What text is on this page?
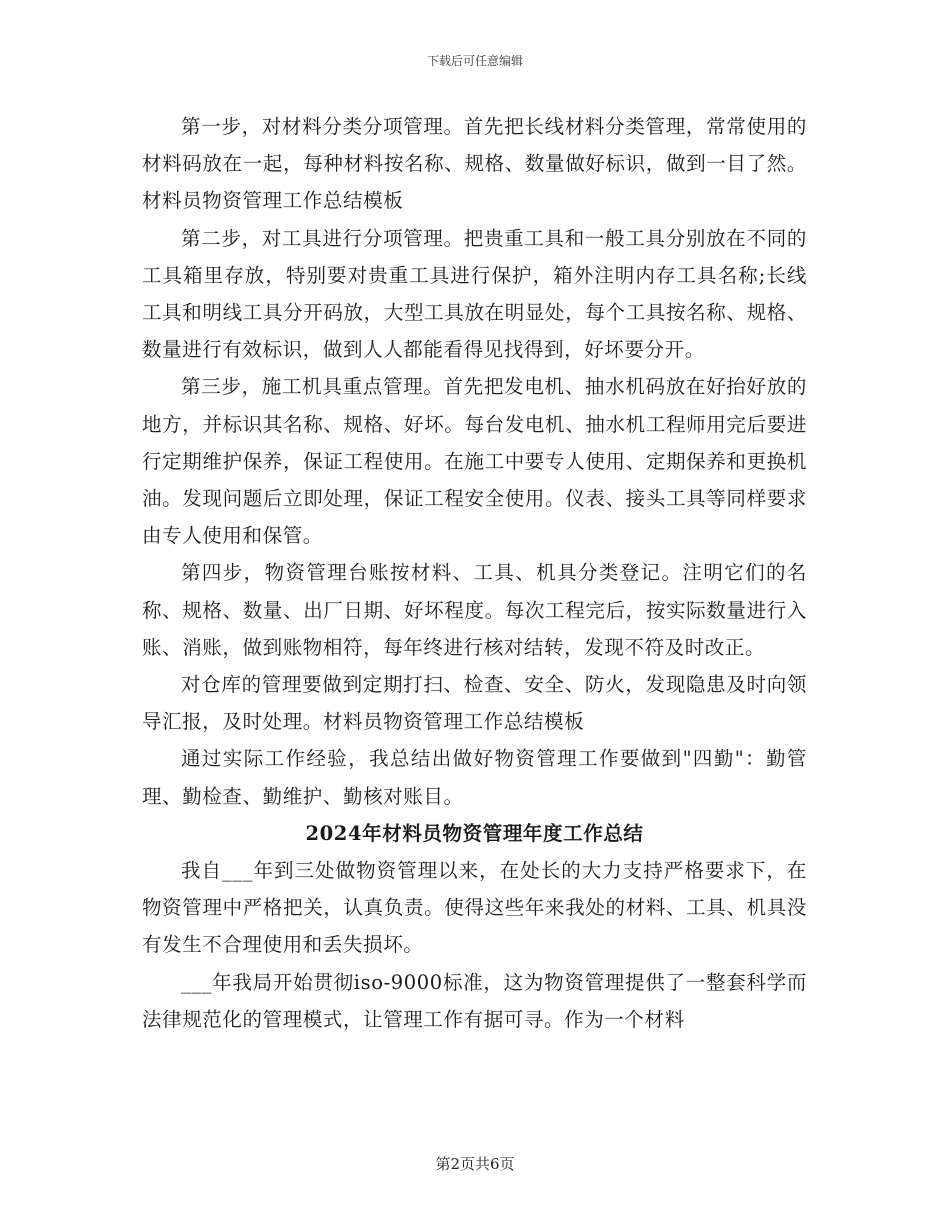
下载后可任意编辑

第一步，对材料分类分项管理。首先把长线材料分类管理，常常使用的材料码放在一起，每种材料按名称、规格、数量做好标识，做到一目了然。材料员物资管理工作总结模板

第二步，对工具进行分项管理。把贵重工具和一般工具分别放在不同的工具箱里存放，特别要对贵重工具进行保护，箱外注明内存工具名称;长线工具和明线工具分开码放，大型工具放在明显处，每个工具按名称、规格、数量进行有效标识，做到人人都能看得见找得到，好坏要分开。

第三步，施工机具重点管理。首先把发电机、抽水机码放在好抬好放的地方，并标识其名称、规格、好坏。每台发电机、抽水机工程师用完后要进行定期维护保养，保证工程使用。在施工中要专人使用、定期保养和更换机油。发现问题后立即处理，保证工程安全使用。仪表、接头工具等同样要求由专人使用和保管。

第四步，物资管理台账按材料、工具、机具分类登记。注明它们的名称、规格、数量、出厂日期、好坏程度。每次工程完后，按实际数量进行入账、消账，做到账物相符，每年终进行核对结转，发现不符及时改正。

对仓库的管理要做到定期打扫、检查、安全、防火，发现隐患及时向领导汇报，及时处理。材料员物资管理工作总结模板

通过实际工作经验，我总结出做好物资管理工作要做到"四勤"：勤管理、勤检查、勤维护、勤核对账目。

2024年材料员物资管理年度工作总结

我自___年到三处做物资管理以来，在处长的大力支持严格要求下，在物资管理中严格把关，认真负责。使得这些年来我处的材料、工具、机具没有发生不合理使用和丢失损坏。

___年我局开始贯彻iso-9000标准，这为物资管理提供了一整套科学而法律规范化的管理模式，让管理工作有据可寻。作为一个材料

第2页共6页
